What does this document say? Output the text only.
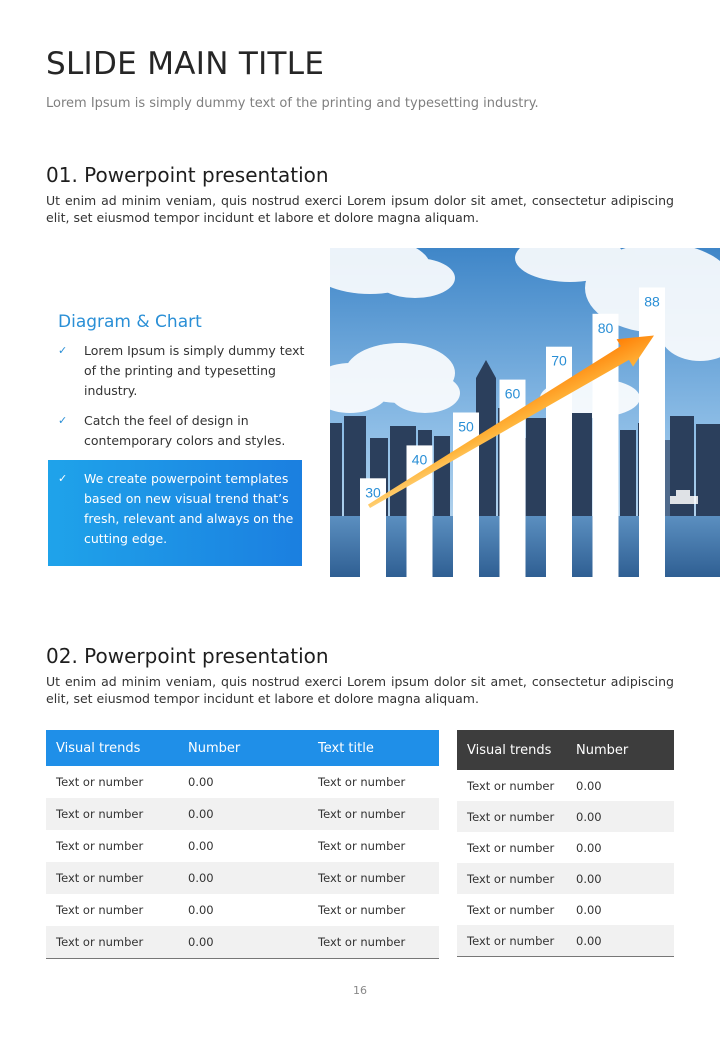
SLIDE MAIN TITLE
Lorem Ipsum is simply dummy text of the printing and typesetting industry.
01. Powerpoint presentation

Ut enim ad minim veniam, quis nostrud exerci Lorem ipsum dolor sit amet, consectetur adipiscing elit, set eiusmod tempor incidunt et labore et dolore magna aliquam.

Diagram & Chart
✓ Lorem Ipsum is simply dummy text of the printing and typesetting industry.
✓ Catch the feel of design in contemporary colors and styles.
✓ We create powerpoint templates based on new visual trend that’s fresh, relevant and always on the cutting edge.
30
40
50
60
70
80
88
02. Powerpoint presentation

Ut enim ad minim veniam, quis nostrud exerci Lorem ipsum dolor sit amet, consectetur adipiscing elit, set eiusmod tempor incidunt et labore et dolore magna aliquam.

Visual trends	Number	Text title
Text or number	0.00	Text or number
Text or number	0.00	Text or number
Text or number	0.00	Text or number
Text or number	0.00	Text or number
Text or number	0.00	Text or number
Text or number	0.00	Text or number
Visual trends	Number
Text or number	0.00
Text or number	0.00
Text or number	0.00
Text or number	0.00
Text or number	0.00
Text or number	0.00
16
